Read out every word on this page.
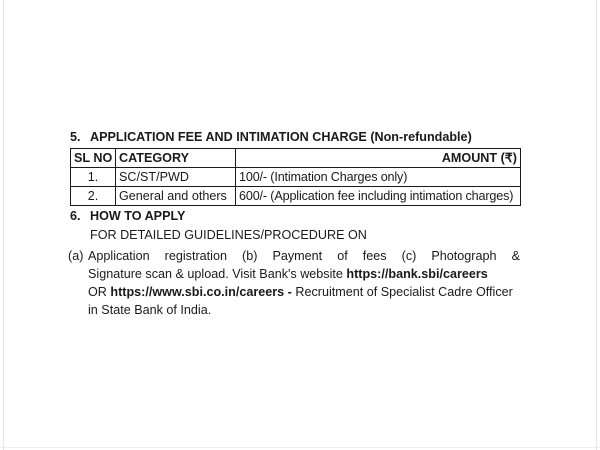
5. APPLICATION FEE AND INTIMATION CHARGE (Non-refundable)
SL NO	CATEGORY	AMOUNT (₹)
1.	SC/ST/PWD	100/- (Intimation Charges only)
2.	General and others	600/- (Application fee including intimation charges)
6. HOW TO APPLY
FOR DETAILED GUIDELINES/PROCEDURE ON
(a) Application registration (b) Payment of fees (c) Photograph &
Signature scan & upload. Visit Bank's website https://bank.sbi/careers
OR https://www.sbi.co.in/careers - Recruitment of Specialist Cadre Officer
in State Bank of India.
